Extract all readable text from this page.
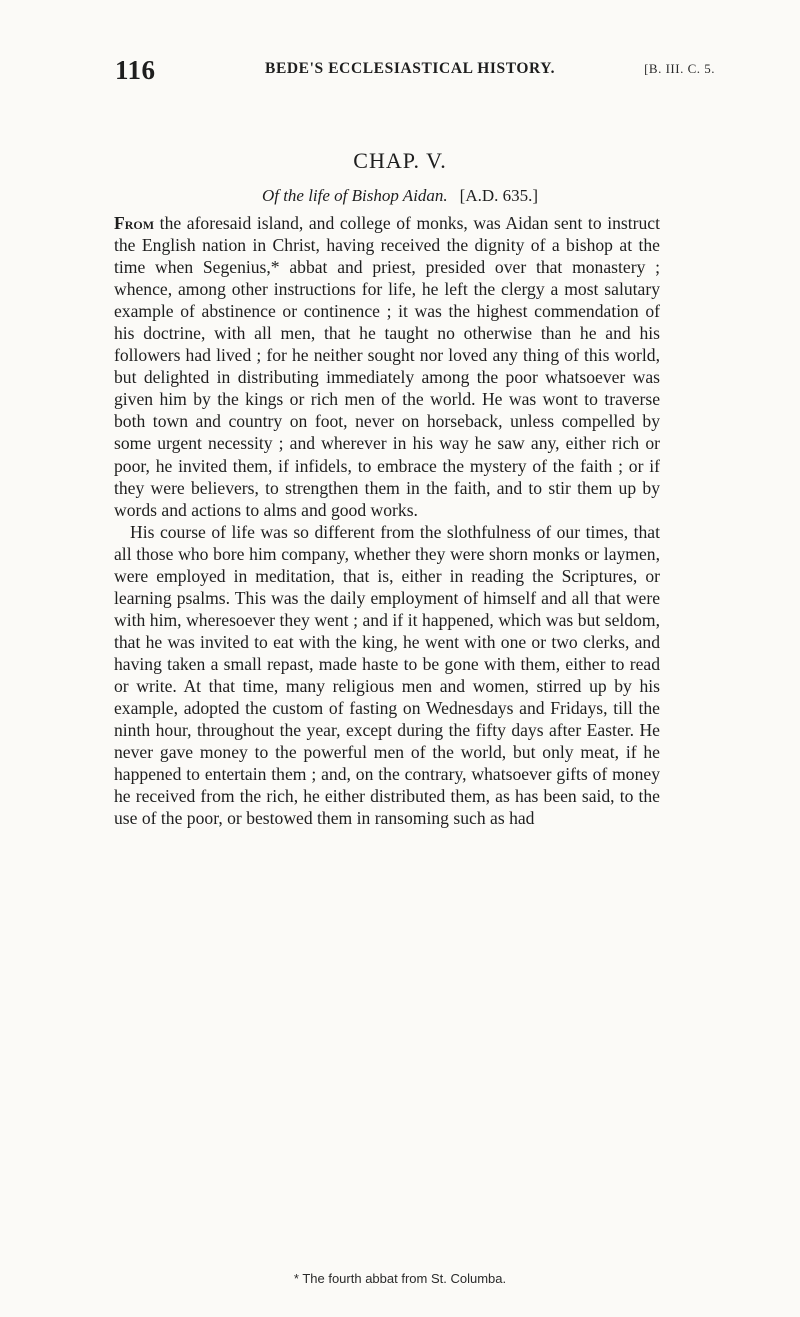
116	BEDE'S ECCLESIASTICAL HISTORY.	[B. III. C. 5.
CHAP. V.
Of the life of Bishop Aidan. [A.D. 635.]

From the aforesaid island, and college of monks, was Aidan sent to instruct the English nation in Christ, having received the dignity of a bishop at the time when Segenius,* abbat and priest, presided over that monastery ; whence, among other instructions for life, he left the clergy a most salutary example of abstinence or continence ; it was the highest commendation of his doctrine, with all men, that he taught no otherwise than he and his followers had lived ; for he neither sought nor loved any thing of this world, but delighted in distributing immediately among the poor whatsoever was given him by the kings or rich men of the world. He was wont to traverse both town and country on foot, never on horseback, unless compelled by some urgent necessity ; and wherever in his way he saw any, either rich or poor, he invited them, if infidels, to embrace the mystery of the faith ; or if they were believers, to strengthen them in the faith, and to stir them up by words and actions to alms and good works.

His course of life was so different from the slothfulness of our times, that all those who bore him company, whether they were shorn monks or laymen, were employed in meditation, that is, either in reading the Scriptures, or learning psalms. This was the daily employment of himself and all that were with him, wheresoever they went ; and if it happened, which was but seldom, that he was invited to eat with the king, he went with one or two clerks, and having taken a small repast, made haste to be gone with them, either to read or write. At that time, many religious men and women, stirred up by his example, adopted the custom of fasting on Wednesdays and Fridays, till the ninth hour, throughout the year, except during the fifty days after Easter. He never gave money to the powerful men of the world, but only meat, if he happened to entertain them ; and, on the contrary, whatsoever gifts of money he received from the rich, he either distributed them, as has been said, to the use of the poor, or bestowed them in ransoming such as had

* The fourth abbat from St. Columba.
